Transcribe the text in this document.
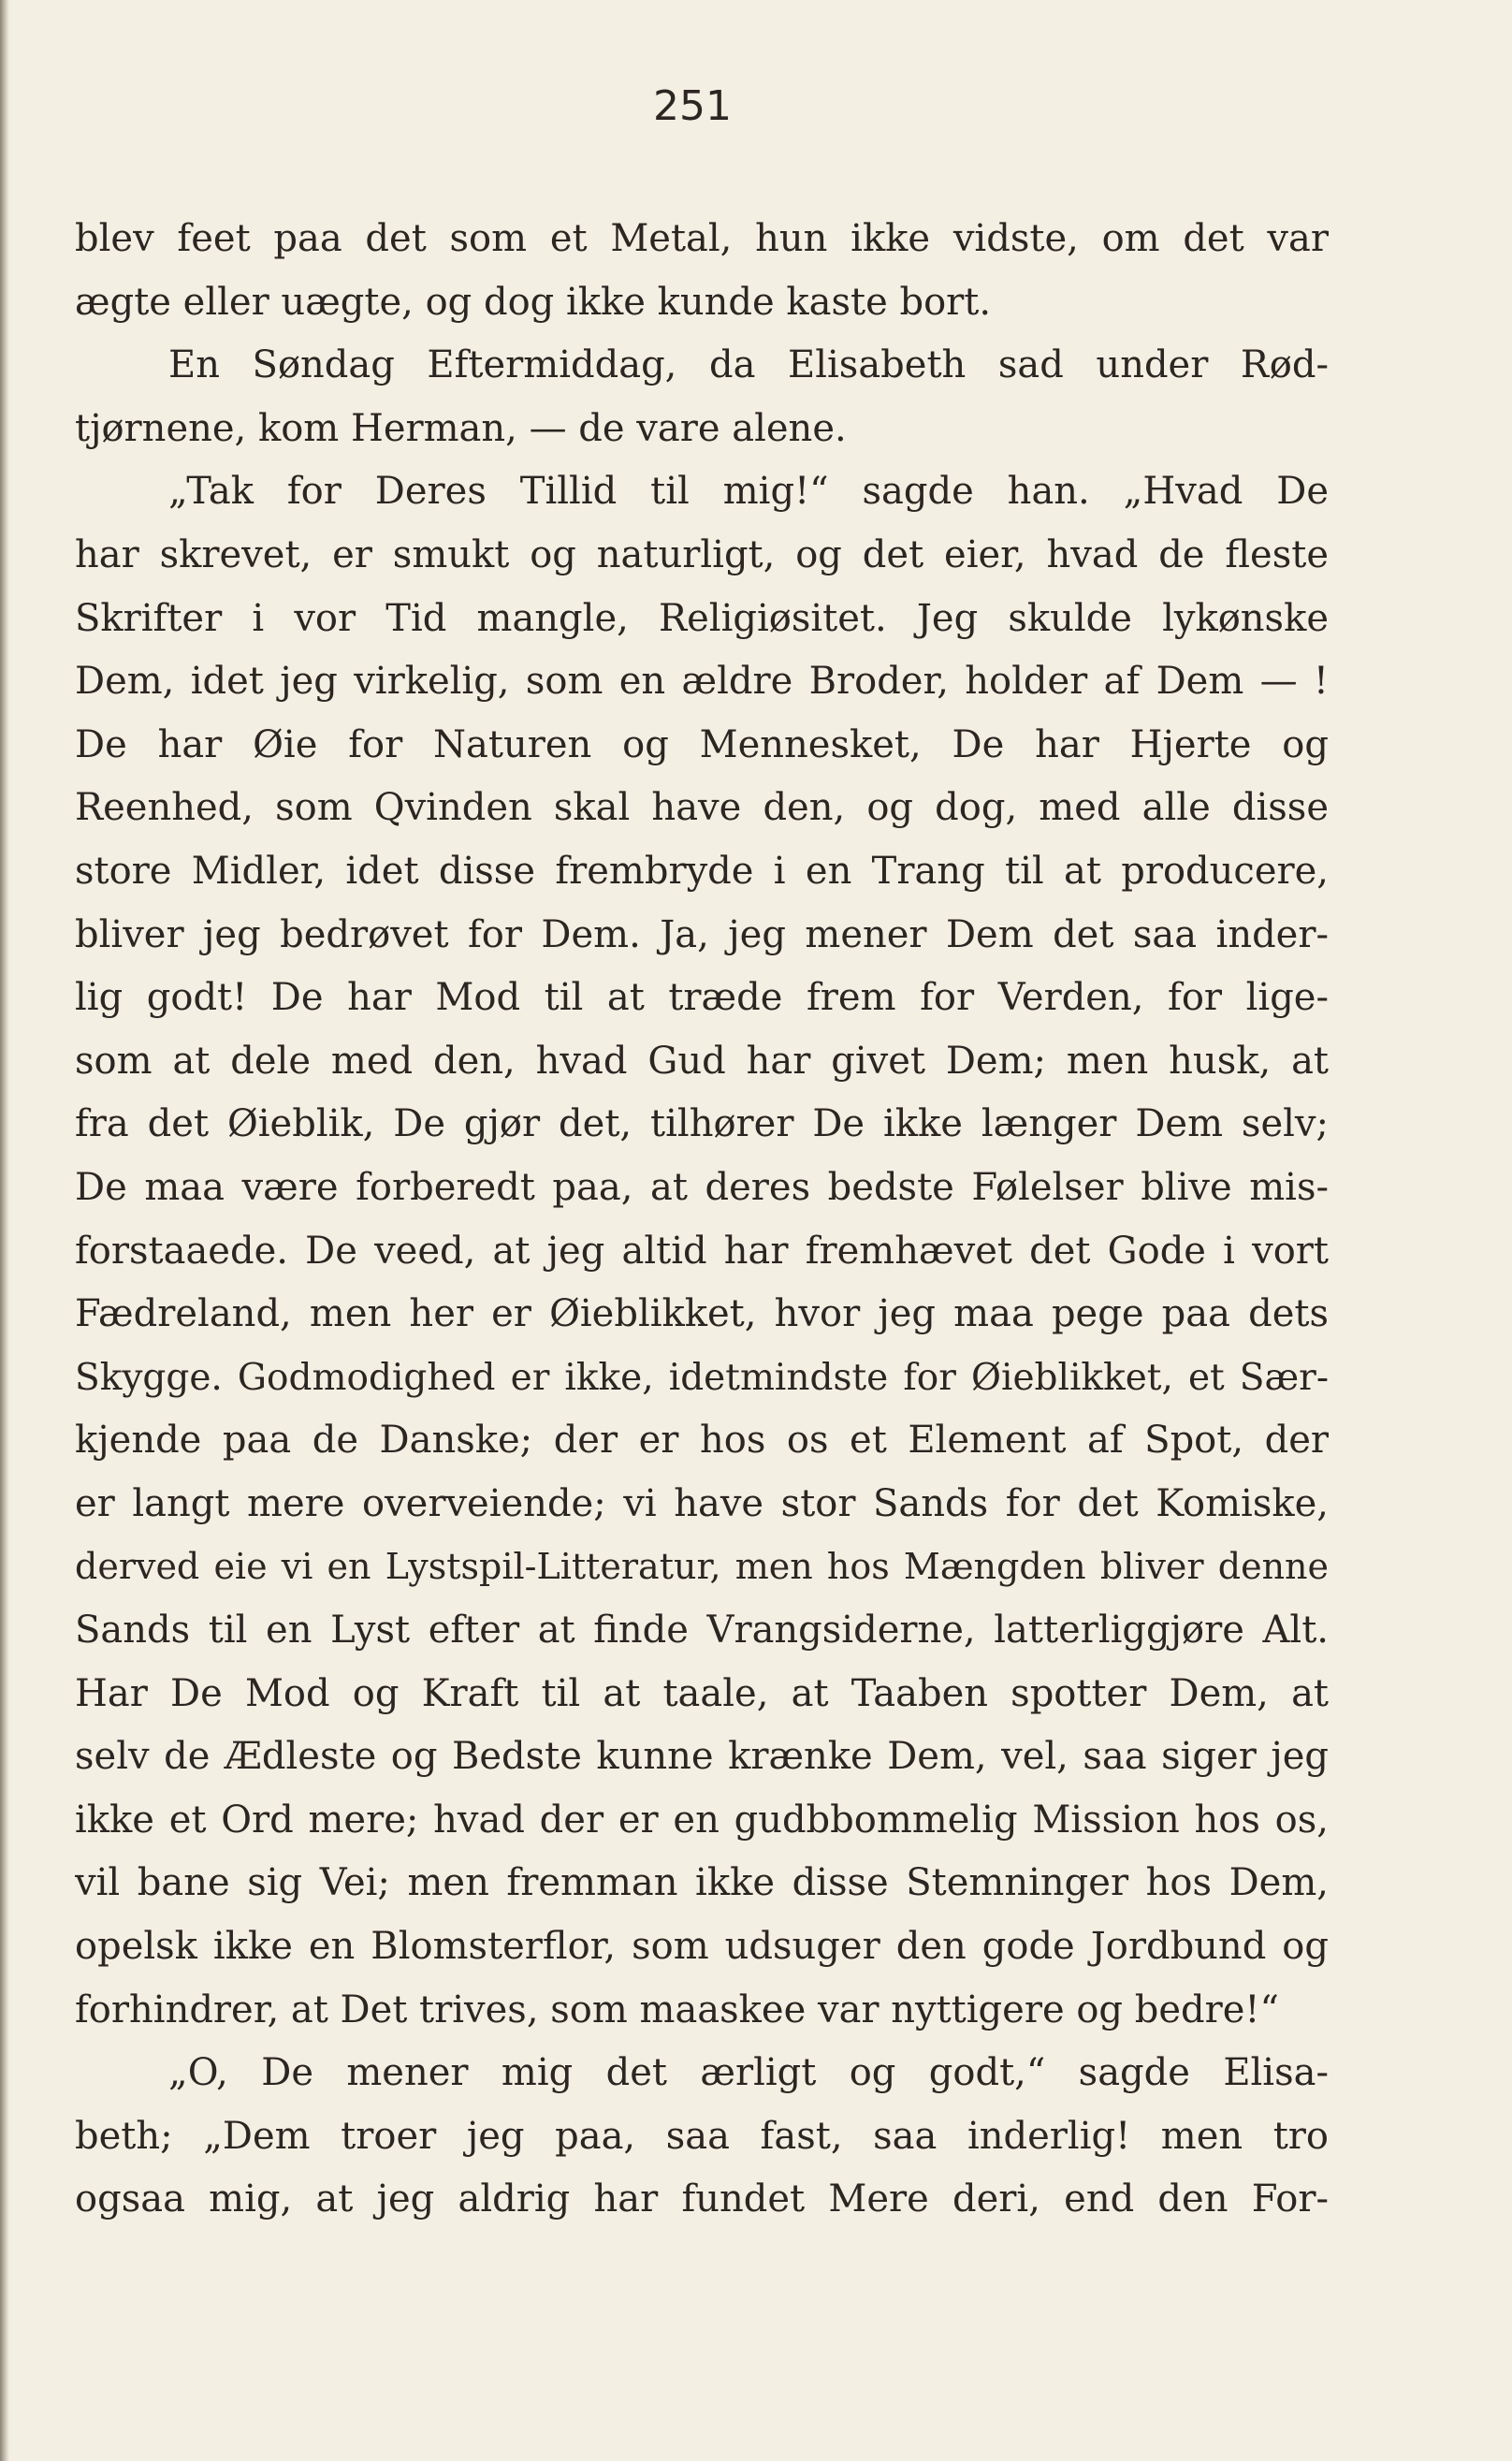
251
blev feet paa det som et Metal, hun ikke vidste, om det var
ægte eller uægte, og dog ikke kunde kaste bort.
En Søndag Eftermiddag, da Elisabeth sad under Rød-
tjørnene, kom Herman, — de vare alene.
„Tak for Deres Tillid til mig!“ sagde han. „Hvad De
har skrevet, er smukt og naturligt, og det eier, hvad de fleste
Skrifter i vor Tid mangle, Religiøsitet. Jeg skulde lykønske
Dem, idet jeg virkelig, som en ældre Broder, holder af Dem — !
De har Øie for Naturen og Mennesket, De har Hjerte og
Reenhed, som Qvinden skal have den, og dog, med alle disse
store Midler, idet disse frembryde i en Trang til at producere,
bliver jeg bedrøvet for Dem. Ja, jeg mener Dem det saa inder-
lig godt! De har Mod til at træde frem for Verden, for lige-
som at dele med den, hvad Gud har givet Dem; men husk, at
fra det Øieblik, De gjør det, tilhører De ikke længer Dem selv;
De maa være forberedt paa, at deres bedste Følelser blive mis-
forstaaede. De veed, at jeg altid har fremhævet det Gode i vort
Fædreland, men her er Øieblikket, hvor jeg maa pege paa dets
Skygge. Godmodighed er ikke, idetmindste for Øieblikket, et Sær-
kjende paa de Danske; der er hos os et Element af Spot, der
er langt mere overveiende; vi have stor Sands for det Komiske,
derved eie vi en Lystspil-Litteratur, men hos Mængden bliver denne
Sands til en Lyst efter at finde Vrangsiderne, latterliggjøre Alt.
Har De Mod og Kraft til at taale, at Taaben spotter Dem, at
selv de Ædleste og Bedste kunne krænke Dem, vel, saa siger jeg
ikke et Ord mere; hvad der er en gudbbommelig Mission hos os,
vil bane sig Vei; men fremman ikke disse Stemninger hos Dem,
opelsk ikke en Blomsterflor, som udsuger den gode Jordbund og
forhindrer, at Det trives, som maaskee var nyttigere og bedre!“
„O, De mener mig det ærligt og godt,“ sagde Elisa-
beth; „Dem troer jeg paa, saa fast, saa inderlig! men tro
ogsaa mig, at jeg aldrig har fundet Mere deri, end den For-
